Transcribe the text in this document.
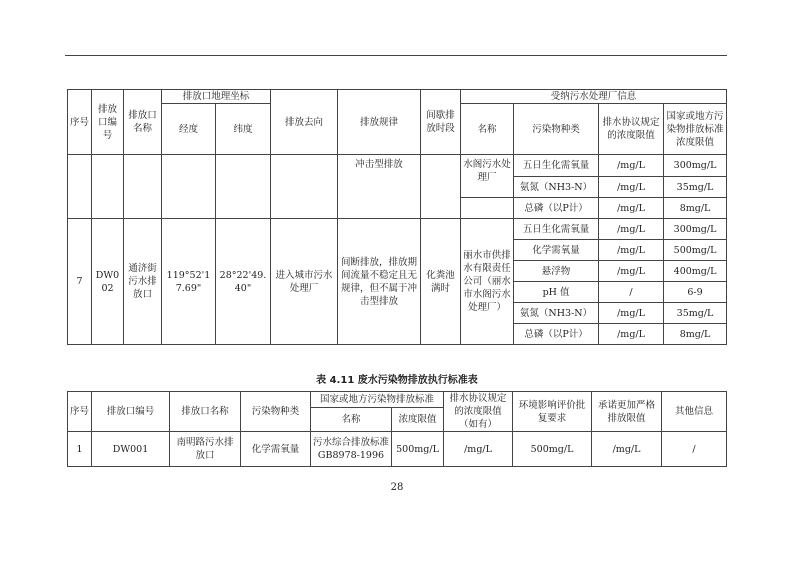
序号	排放口编号	排放口名称	排放口地理坐标		排放去向	排放规律	间歇排放时段	受纳污水处理厂信息			
			经度	纬度				名称	污染物种类	排水协议规定的浓度限值	国家或地方污染物排放标准浓度限值
						冲击型排放		水阁污水处理厂	五日生化需氧量	/mg/L	300mg/L
									氨氮（NH3-N）	/mg/L	35mg/L
									总磷（以P计）	/mg/L	8mg/L
7	DW002	通济街污水排放口	119°52'17.69"	28°22'49.40"	进入城市污水处理厂	间断排放，排放期间流量不稳定且无规律，但不属于冲击型排放	化粪池满时	丽水市供排水有限责任公司（丽水市水阁污水处理厂）	五日生化需氧量	/mg/L	300mg/L
									化学需氧量	/mg/L	500mg/L
									悬浮物	/mg/L	400mg/L
									pH 值	/	6-9
									氨氮（NH3-N）	/mg/L	35mg/L
									总磷（以P计）	/mg/L	8mg/L
表 4.11 废水污染物排放执行标准表
序号	排放口编号	排放口名称	污染物种类	国家或地方污染物排放标准		排水协议规定的浓度限值（如有）	环境影响评价批复要求	承诺更加严格排放限值	其他信息
				名称	浓度限值				
1	DW001	南明路污水排放口	化学需氧量	污水综合排放标准GB8978-1996	500mg/L	/mg/L	500mg/L	/mg/L	/
28
